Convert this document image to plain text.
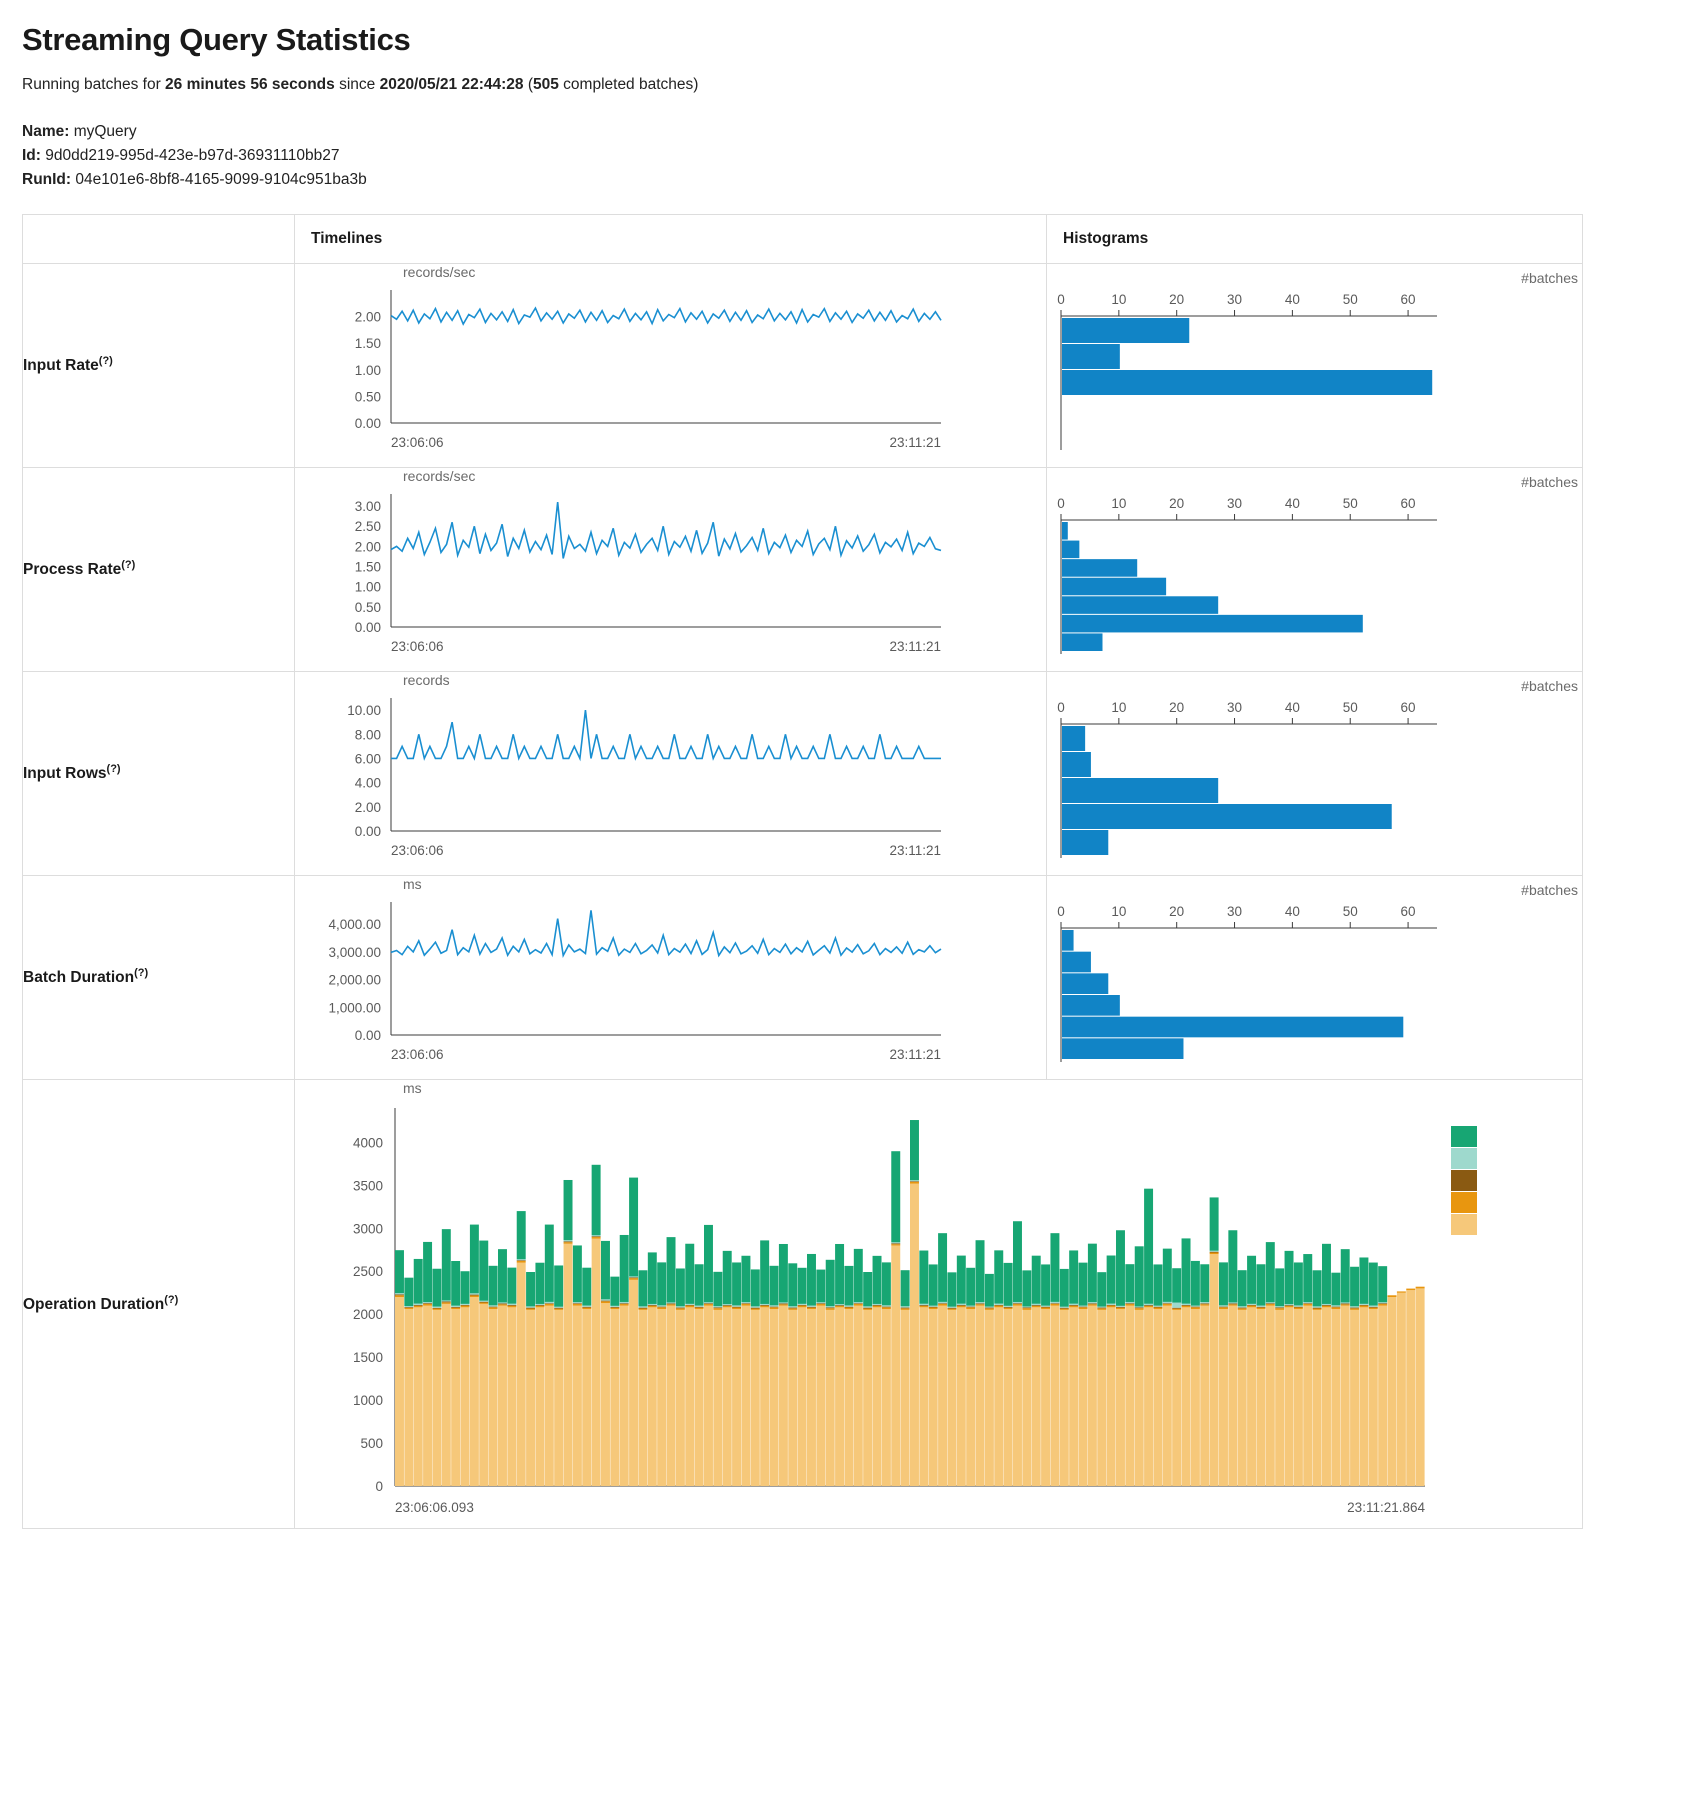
Streaming Query Statistics
Running batches for 26 minutes 56 seconds since 2020/05/21 22:44:28 (505 completed batches)
Name: myQuery
Id: 9d0dd219-995d-423e-b97d-36931110bb27
RunId: 04e101e6-8bf8-4165-9099-9104c951ba3b
	Timelines	Histograms
Input Rate(?)	
records/sec
0.00
0.50
1.00
1.50
2.00
23:06:06	23:11:21

#batches
0	10	20	30	40	50	60

Process Rate(?)	
records/sec
0.00
0.50
1.00
1.50
2.00
2.50
3.00
23:06:06	23:11:21

#batches
0	10	20	30	40	50	60

Input Rows(?)	
records
0.00
2.00
4.00
6.00
8.00
10.00
23:06:06	23:11:21

#batches
0	10	20	30	40	50	60

Batch Duration(?)	
ms
0.00
1,000.00
2,000.00
3,000.00
4,000.00
23:06:06	23:11:21

#batches
0	10	20	30	40	50	60

Operation Duration(?)	
ms
0
500
1000
1500
2000
2500
3000
3500
4000
23:06:06.093	23:11:21.864
